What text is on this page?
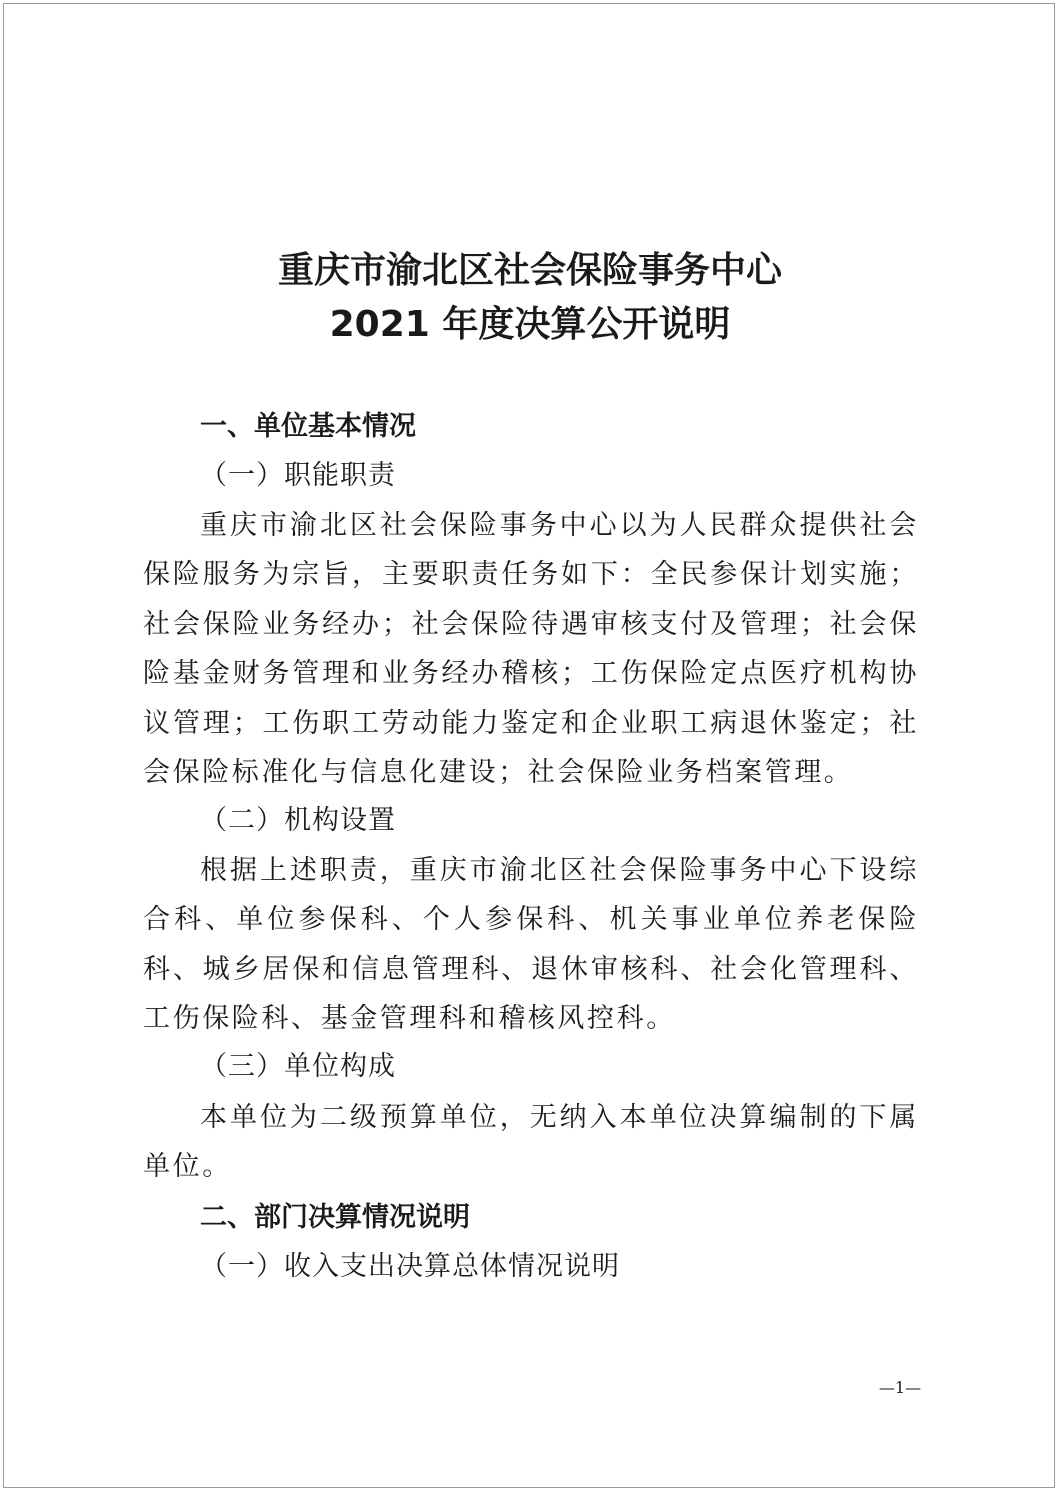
重庆市渝北区社会保险事务中心
2021 年度决算公开说明
一、单位基本情况
（一）职能职责
重庆市渝北区社会保险事务中心以为人民群众提供社会保险服务为宗旨，主要职责任务如下：全民参保计划实施；社会保险业务经办；社会保险待遇审核支付及管理；社会保险基金财务管理和业务经办稽核；工伤保险定点医疗机构协议管理；工伤职工劳动能力鉴定和企业职工病退休鉴定；社会保险标准化与信息化建设；社会保险业务档案管理。
（二）机构设置
根据上述职责，重庆市渝北区社会保险事务中心下设综合科、单位参保科、个人参保科、机关事业单位养老保险科、城乡居保和信息管理科、退休审核科、社会化管理科、工伤保险科、基金管理科和稽核风控科。
（三）单位构成
本单位为二级预算单位，无纳入本单位决算编制的下属单位。
二、部门决算情况说明
（一）收入支出决算总体情况说明
—1—
